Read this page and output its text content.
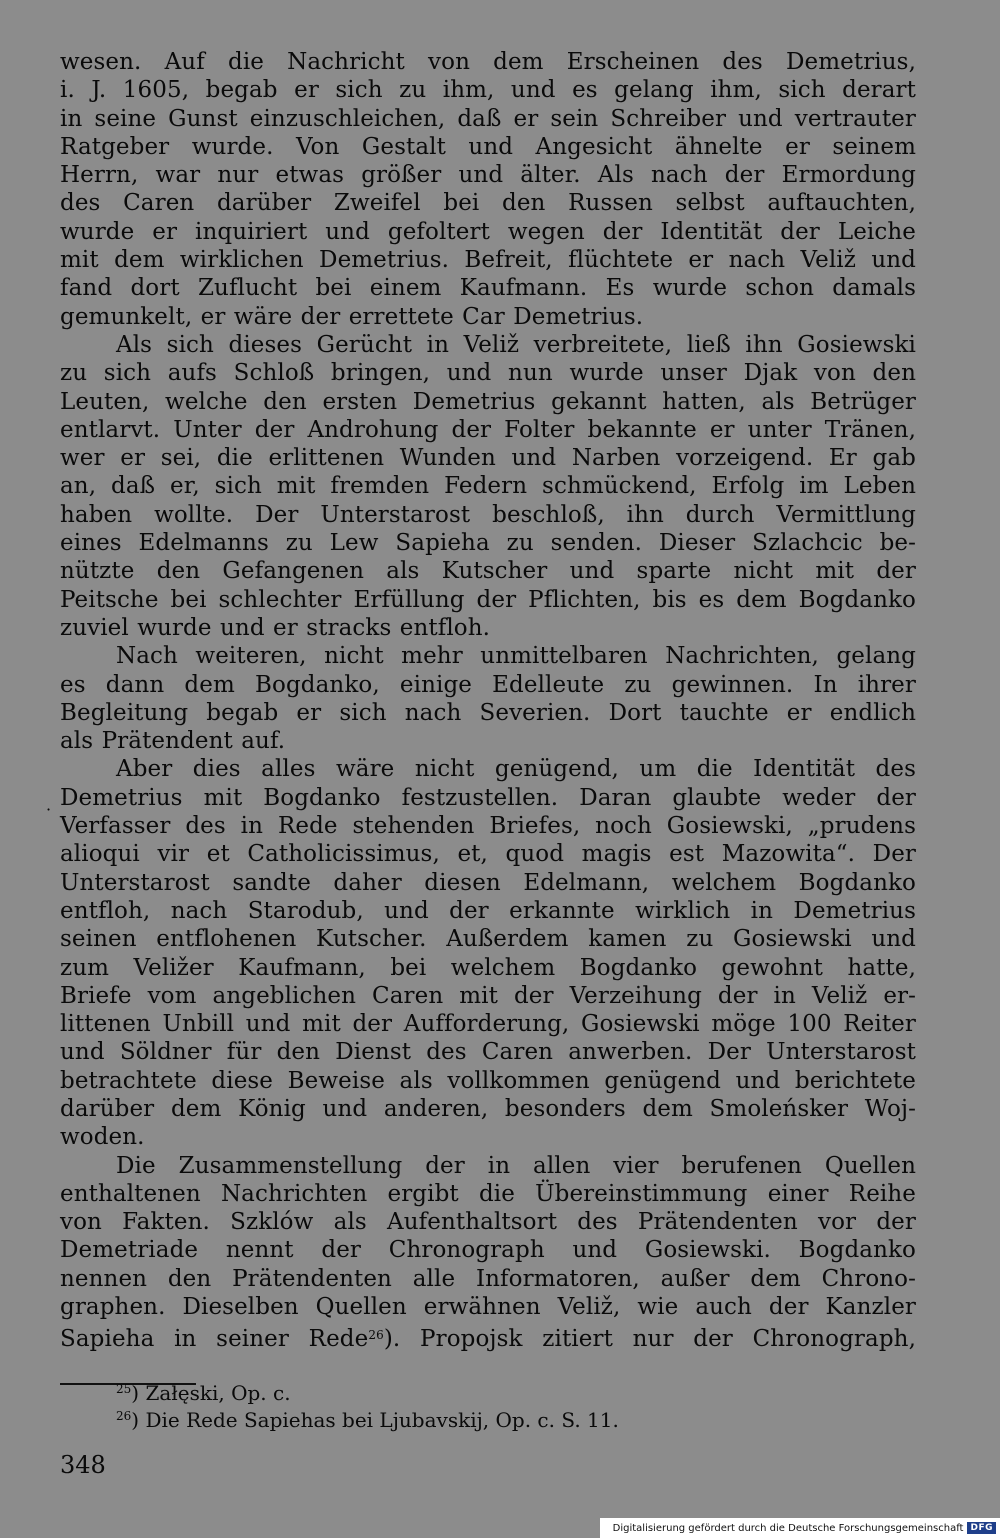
·
wesen. Auf die Nachricht von dem Erscheinen des Demetrius,
i. J. 1605, begab er sich zu ihm, und es gelang ihm, sich derart
in seine Gunst einzuschleichen, daß er sein Schreiber und vertrauter
Ratgeber wurde. Von Gestalt und Angesicht ähnelte er seinem
Herrn, war nur etwas größer und älter. Als nach der Ermordung
des Caren darüber Zweifel bei den Russen selbst auftauchten,
wurde er inquiriert und gefoltert wegen der Identität der Leiche
mit dem wirklichen Demetrius. Befreit, flüchtete er nach Veliž und
fand dort Zuflucht bei einem Kaufmann. Es wurde schon damals
gemunkelt, er wäre der errettete Car Demetrius.
Als sich dieses Gerücht in Veliž verbreitete, ließ ihn Gosiewski
zu sich aufs Schloß bringen, und nun wurde unser Djak von den
Leuten, welche den ersten Demetrius gekannt hatten, als Betrüger
entlarvt. Unter der Androhung der Folter bekannte er unter Tränen,
wer er sei, die erlittenen Wunden und Narben vorzeigend. Er gab
an, daß er, sich mit fremden Federn schmückend, Erfolg im Leben
haben wollte. Der Unterstarost beschloß, ihn durch Vermittlung
eines Edelmanns zu Lew Sapieha zu senden. Dieser Szlachcic be-
nützte den Gefangenen als Kutscher und sparte nicht mit der
Peitsche bei schlechter Erfüllung der Pflichten, bis es dem Bogdanko
zuviel wurde und er stracks entfloh.
Nach weiteren, nicht mehr unmittelbaren Nachrichten, gelang
es dann dem Bogdanko, einige Edelleute zu gewinnen. In ihrer
Begleitung begab er sich nach Severien. Dort tauchte er endlich
als Prätendent auf.
Aber dies alles wäre nicht genügend, um die Identität des
Demetrius mit Bogdanko festzustellen. Daran glaubte weder der
Verfasser des in Rede stehenden Briefes, noch Gosiewski, „prudens
alioqui vir et Catholicissimus, et, quod magis est Mazowita“. Der
Unterstarost sandte daher diesen Edelmann, welchem Bogdanko
entfloh, nach Starodub, und der erkannte wirklich in Demetrius
seinen entflohenen Kutscher. Außerdem kamen zu Gosiewski und
zum Veližer Kaufmann, bei welchem Bogdanko gewohnt hatte,
Briefe vom angeblichen Caren mit der Verzeihung der in Veliž er-
littenen Unbill und mit der Aufforderung, Gosiewski möge 100 Reiter
und Söldner für den Dienst des Caren anwerben. Der Unterstarost
betrachtete diese Beweise als vollkommen genügend und berichtete
darüber dem König und anderen, besonders dem Smoleńsker Woj-
woden.
Die Zusammenstellung der in allen vier berufenen Quellen
enthaltenen Nachrichten ergibt die Übereinstimmung einer Reihe
von Fakten. Szklów als Aufenthaltsort des Prätendenten vor der
Demetriade nennt der Chronograph und Gosiewski. Bogdanko
nennen den Prätendenten alle Informatoren, außer dem Chrono-
graphen. Dieselben Quellen erwähnen Veliž, wie auch der Kanzler
Sapieha in seiner Rede$^{26}$). Propojsk zitiert nur der Chronograph,
$^{25}$) Załęski, Op. c.
$^{26}$) Die Rede Sapiehas bei Ljubavskij, Op. c. S. 11.
348
Digitalisierung gefördert durch die Deutsche Forschungsgemeinschaft DFG
